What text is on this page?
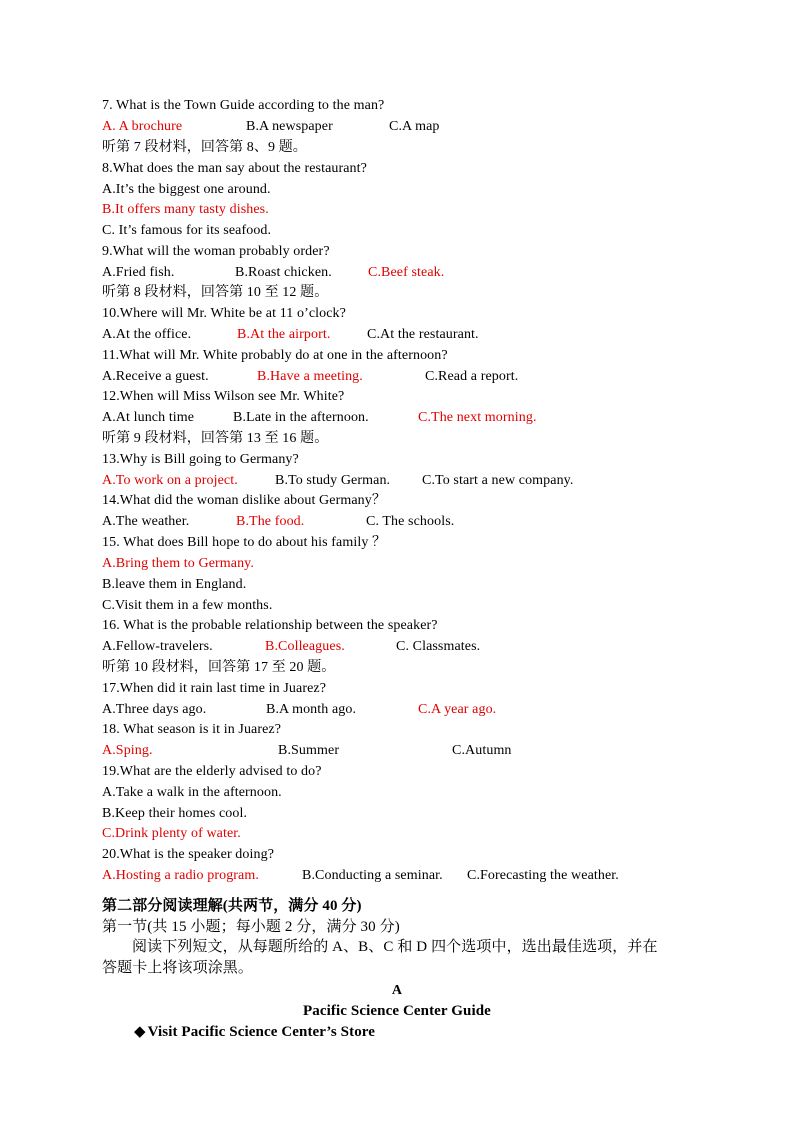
7. What is the Town Guide according to the man?
A. A brochure	B.A newspaper	C.A map
听第 7 段材料，回答第 8、9 题。
8.What does the man say about the restaurant?
A.It’s the biggest one around.
B.It offers many tasty dishes.
C. It’s famous for its seafood.
9.What will the woman probably order?
A.Fried fish.	B.Roast chicken.	C.Beef steak.
听第 8 段材料，回答第 10 至 12 题。
10.Where will Mr. White be at 11 o’clock?
A.At the office.	B.At the airport.	C.At the restaurant.
11.What will Mr. White probably do at one in the afternoon?
A.Receive a guest.	B.Have a meeting.	C.Read a report.
12.When will Miss Wilson see Mr. White?
A.At lunch time	B.Late in the afternoon.	C.The next morning.
听第 9 段材料，回答第 13 至 16 题。
13.Why is Bill going to Germany?
A.To work on a project.	B.To study German. C.To start a new company.
14.What did the woman dislike about Germany？
A.The weather.	B.The food.	C. The schools.
15. What does Bill hope to do about his family ？
A.Bring them to Germany.
B.leave them in England.
C.Visit them in a few months.
16. What is the probable relationship between the speaker?
A.Fellow-travelers.	B.Colleagues.	C. Classmates.
听第 10 段材料，回答第 17 至 20 题。
17.When did it rain last time in Juarez?
A.Three days ago.	B.A month ago.	C.A year ago.
18. What season is it in Juarez?
A.Sping.	B.Summer	C.Autumn
19.What are the elderly advised to do?
A.Take a walk in the afternoon.
B.Keep their homes cool.
C.Drink plenty of water.
20.What is the speaker doing?
A.Hosting a radio program.	B.Conducting a seminar. C.Forecasting the weather.
第二部分阅读理解(共两节，满分 40 分)
第一节(共 15 小题；每小题 2 分，满分 30 分)
阅读下列短文，从每题所给的 A、B、C 和 D 四个选项中，选出最佳选项，并在
答题卡上将该项涂黑。
A
Pacific Science Center Guide
◆ Visit Pacific Science Center’s Store
